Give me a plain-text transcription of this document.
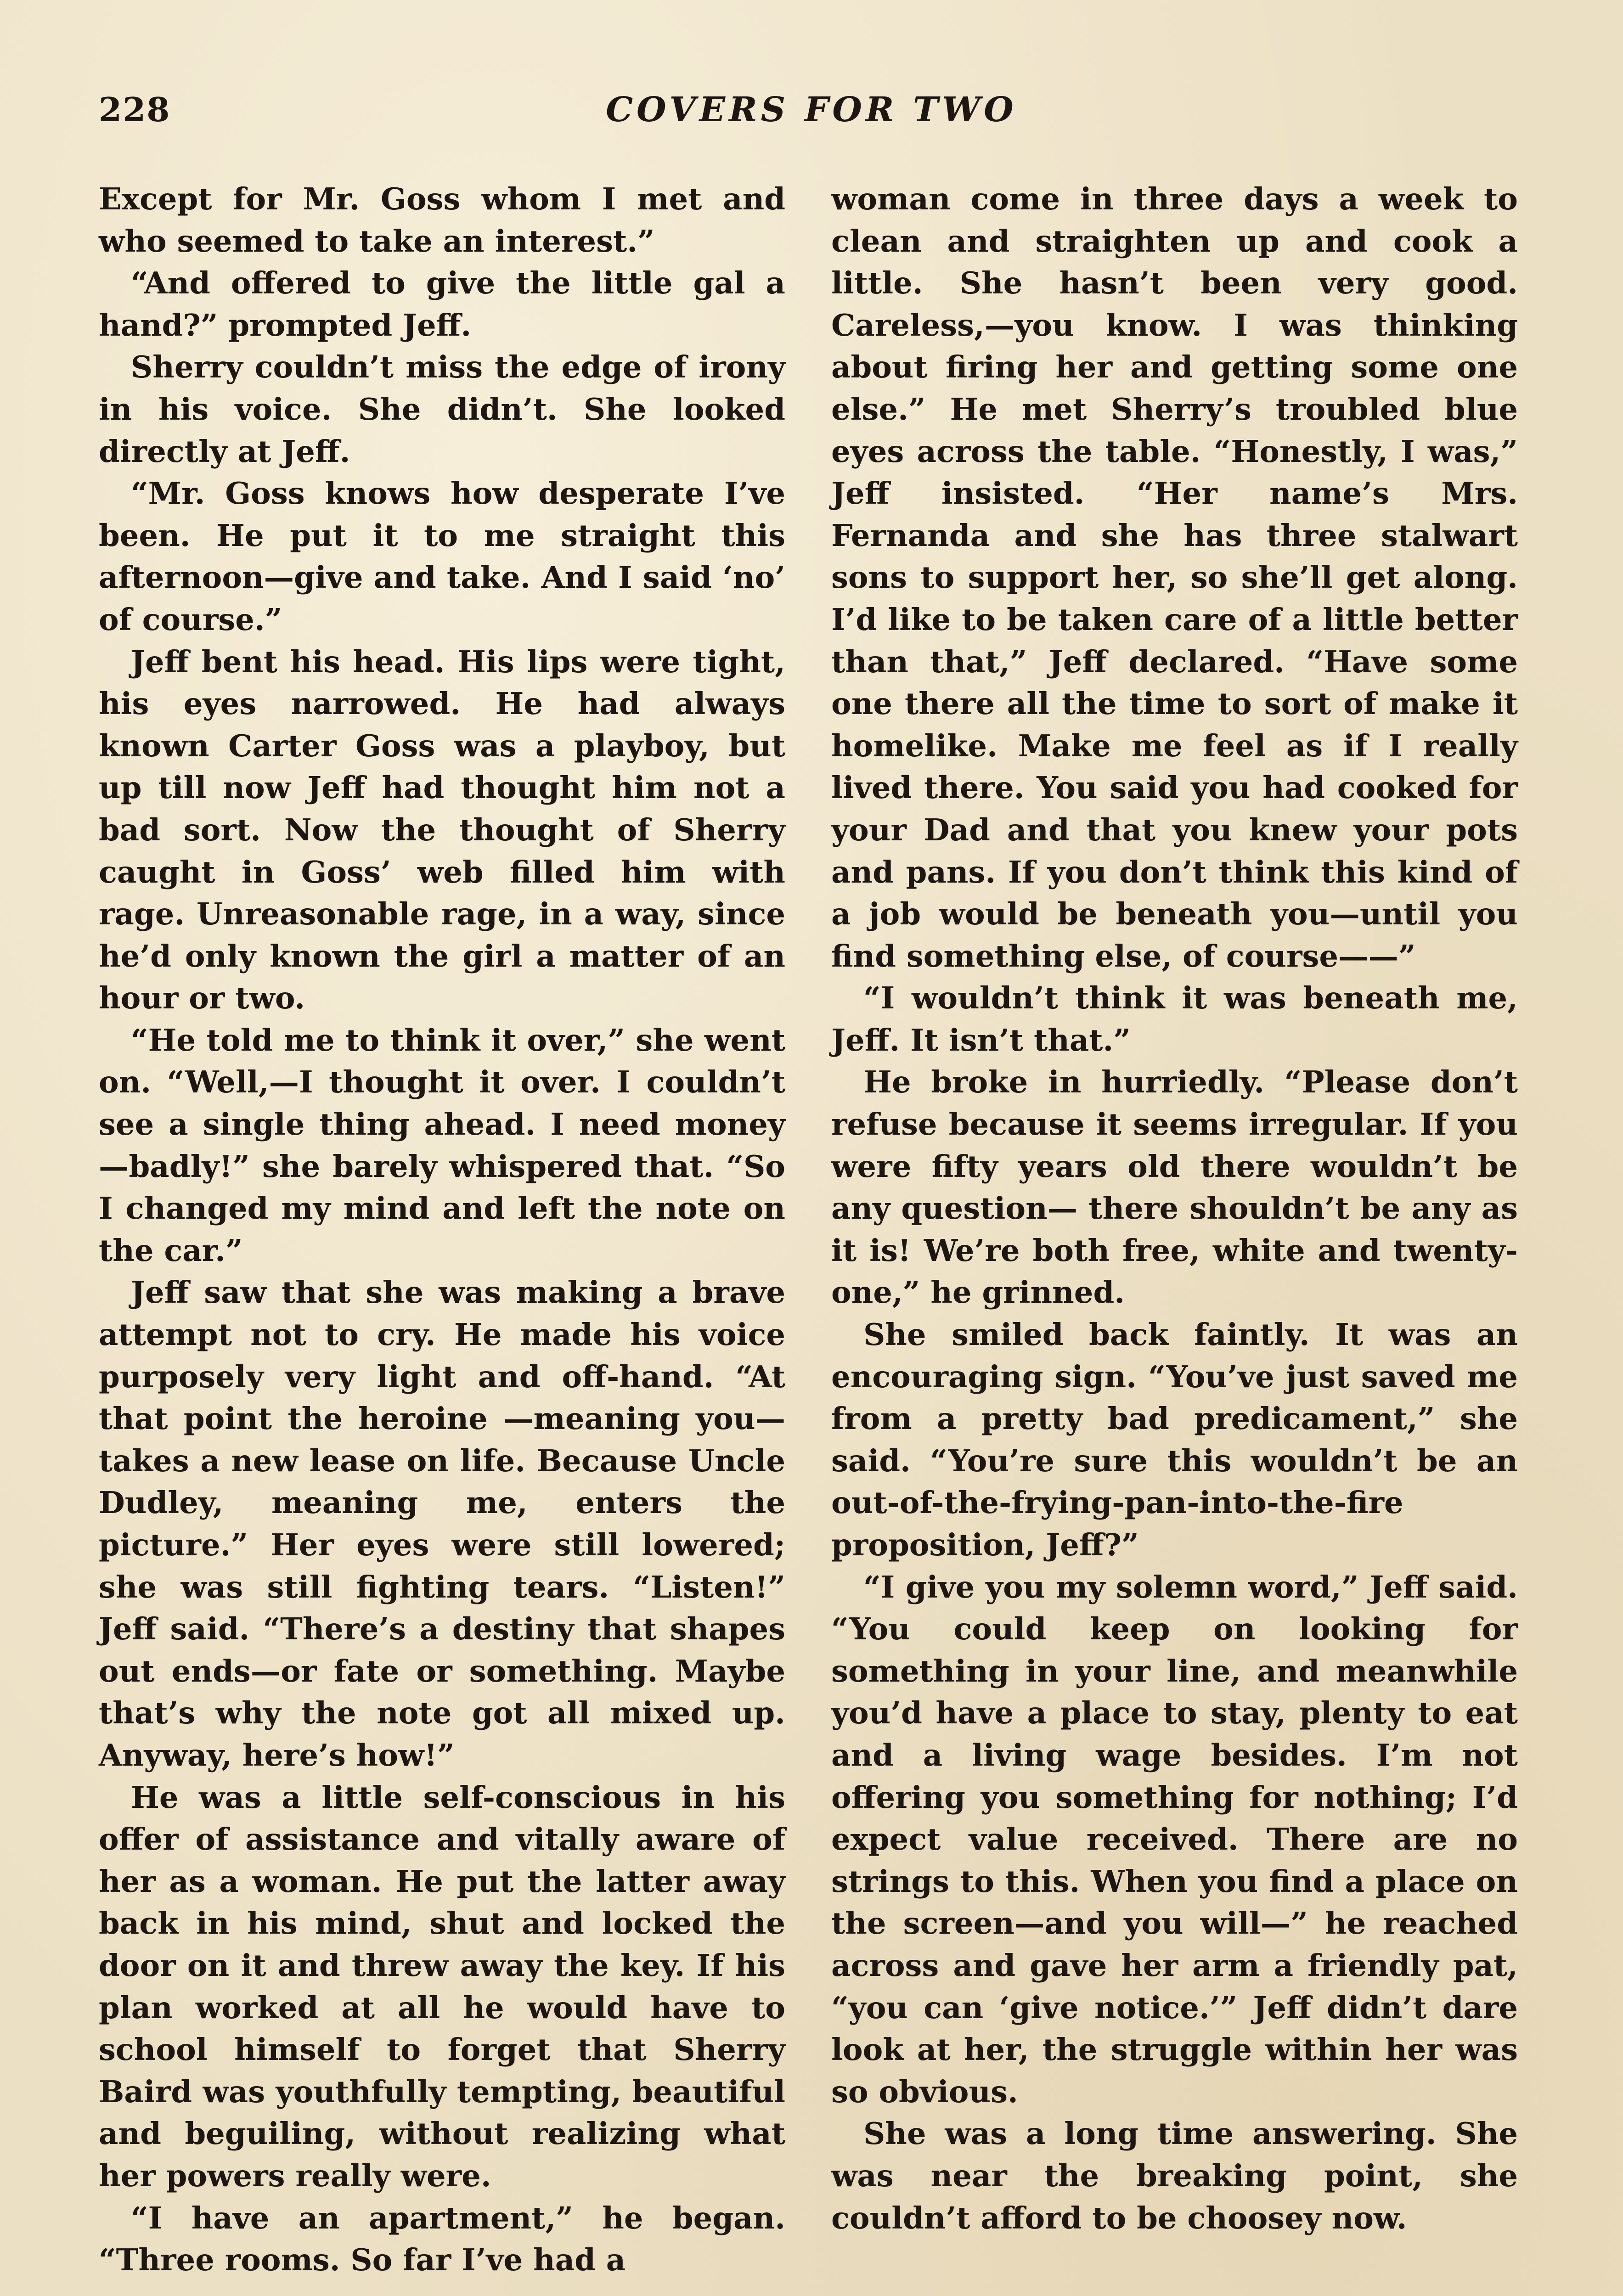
228	COVERS FOR TWO

Except for Mr. Goss whom I met and who seemed to take an interest.”

“And offered to give the little gal a hand?” prompted Jeff.

Sherry couldn’t miss the edge of irony in his voice. She didn’t. She looked directly at Jeff.

“Mr. Goss knows how desperate I’ve been. He put it to me straight this afternoon—give and take. And I said ‘no’ of course.”

Jeff bent his head. His lips were tight, his eyes narrowed. He had always known Carter Goss was a playboy, but up till now Jeff had thought him not a bad sort. Now the thought of Sherry caught in Goss’ web filled him with rage. Unreasonable rage, in a way, since he’d only known the girl a matter of an hour or two.

“He told me to think it over,” she went on. “Well,—I thought it over. I couldn’t see a single thing ahead. I need money—badly!” she barely whispered that. “So I changed my mind and left the note on the car.”

Jeff saw that she was making a brave attempt not to cry. He made his voice purposely very light and off-hand. “At that point the heroine —meaning you—takes a new lease on life. Because Uncle Dudley, meaning me, enters the picture.” Her eyes were still lowered; she was still fighting tears. “Listen!” Jeff said. “There’s a destiny that shapes out ends—or fate or something. Maybe that’s why the note got all mixed up. Anyway, here’s how!”

He was a little self-conscious in his offer of assistance and vitally aware of her as a woman. He put the latter away back in his mind, shut and locked the door on it and threw away the key. If his plan worked at all he would have to school himself to forget that Sherry Baird was youthfully tempting, beautiful and beguiling, without realizing what her powers really were.

“I have an apartment,” he began. “Three rooms. So far I’ve had a

woman come in three days a week to clean and straighten up and cook a little. She hasn’t been very good. Careless,—you know. I was thinking about firing her and getting some one else.” He met Sherry’s troubled blue eyes across the table. “Honestly, I was,” Jeff insisted. “Her name’s Mrs. Fernanda and she has three stalwart sons to support her, so she’ll get along. I’d like to be taken care of a little better than that,” Jeff declared. “Have some one there all the time to sort of make it homelike. Make me feel as if I really lived there. You said you had cooked for your Dad and that you knew your pots and pans. If you don’t think this kind of a job would be beneath you—until you find something else, of course——”

“I wouldn’t think it was beneath me, Jeff. It isn’t that.”

He broke in hurriedly. “Please don’t refuse because it seems irregular. If you were fifty years old there wouldn’t be any question— there shouldn’t be any as it is! We’re both free, white and twenty-one,” he grinned.

She smiled back faintly. It was an encouraging sign. “You’ve just saved me from a pretty bad predicament,” she said. “You’re sure this wouldn’t be an out-of-the-frying-pan-into-the-fire proposition, Jeff?”

“I give you my solemn word,” Jeff said. “You could keep on looking for something in your line, and meanwhile you’d have a place to stay, plenty to eat and a living wage besides. I’m not offering you something for nothing; I’d expect value received. There are no strings to this. When you find a place on the screen—and you will—” he reached across and gave her arm a friendly pat, “you can ‘give notice.’” Jeff didn’t dare look at her, the struggle within her was so obvious.

She was a long time answering. She was near the breaking point, she couldn’t afford to be choosey now.
